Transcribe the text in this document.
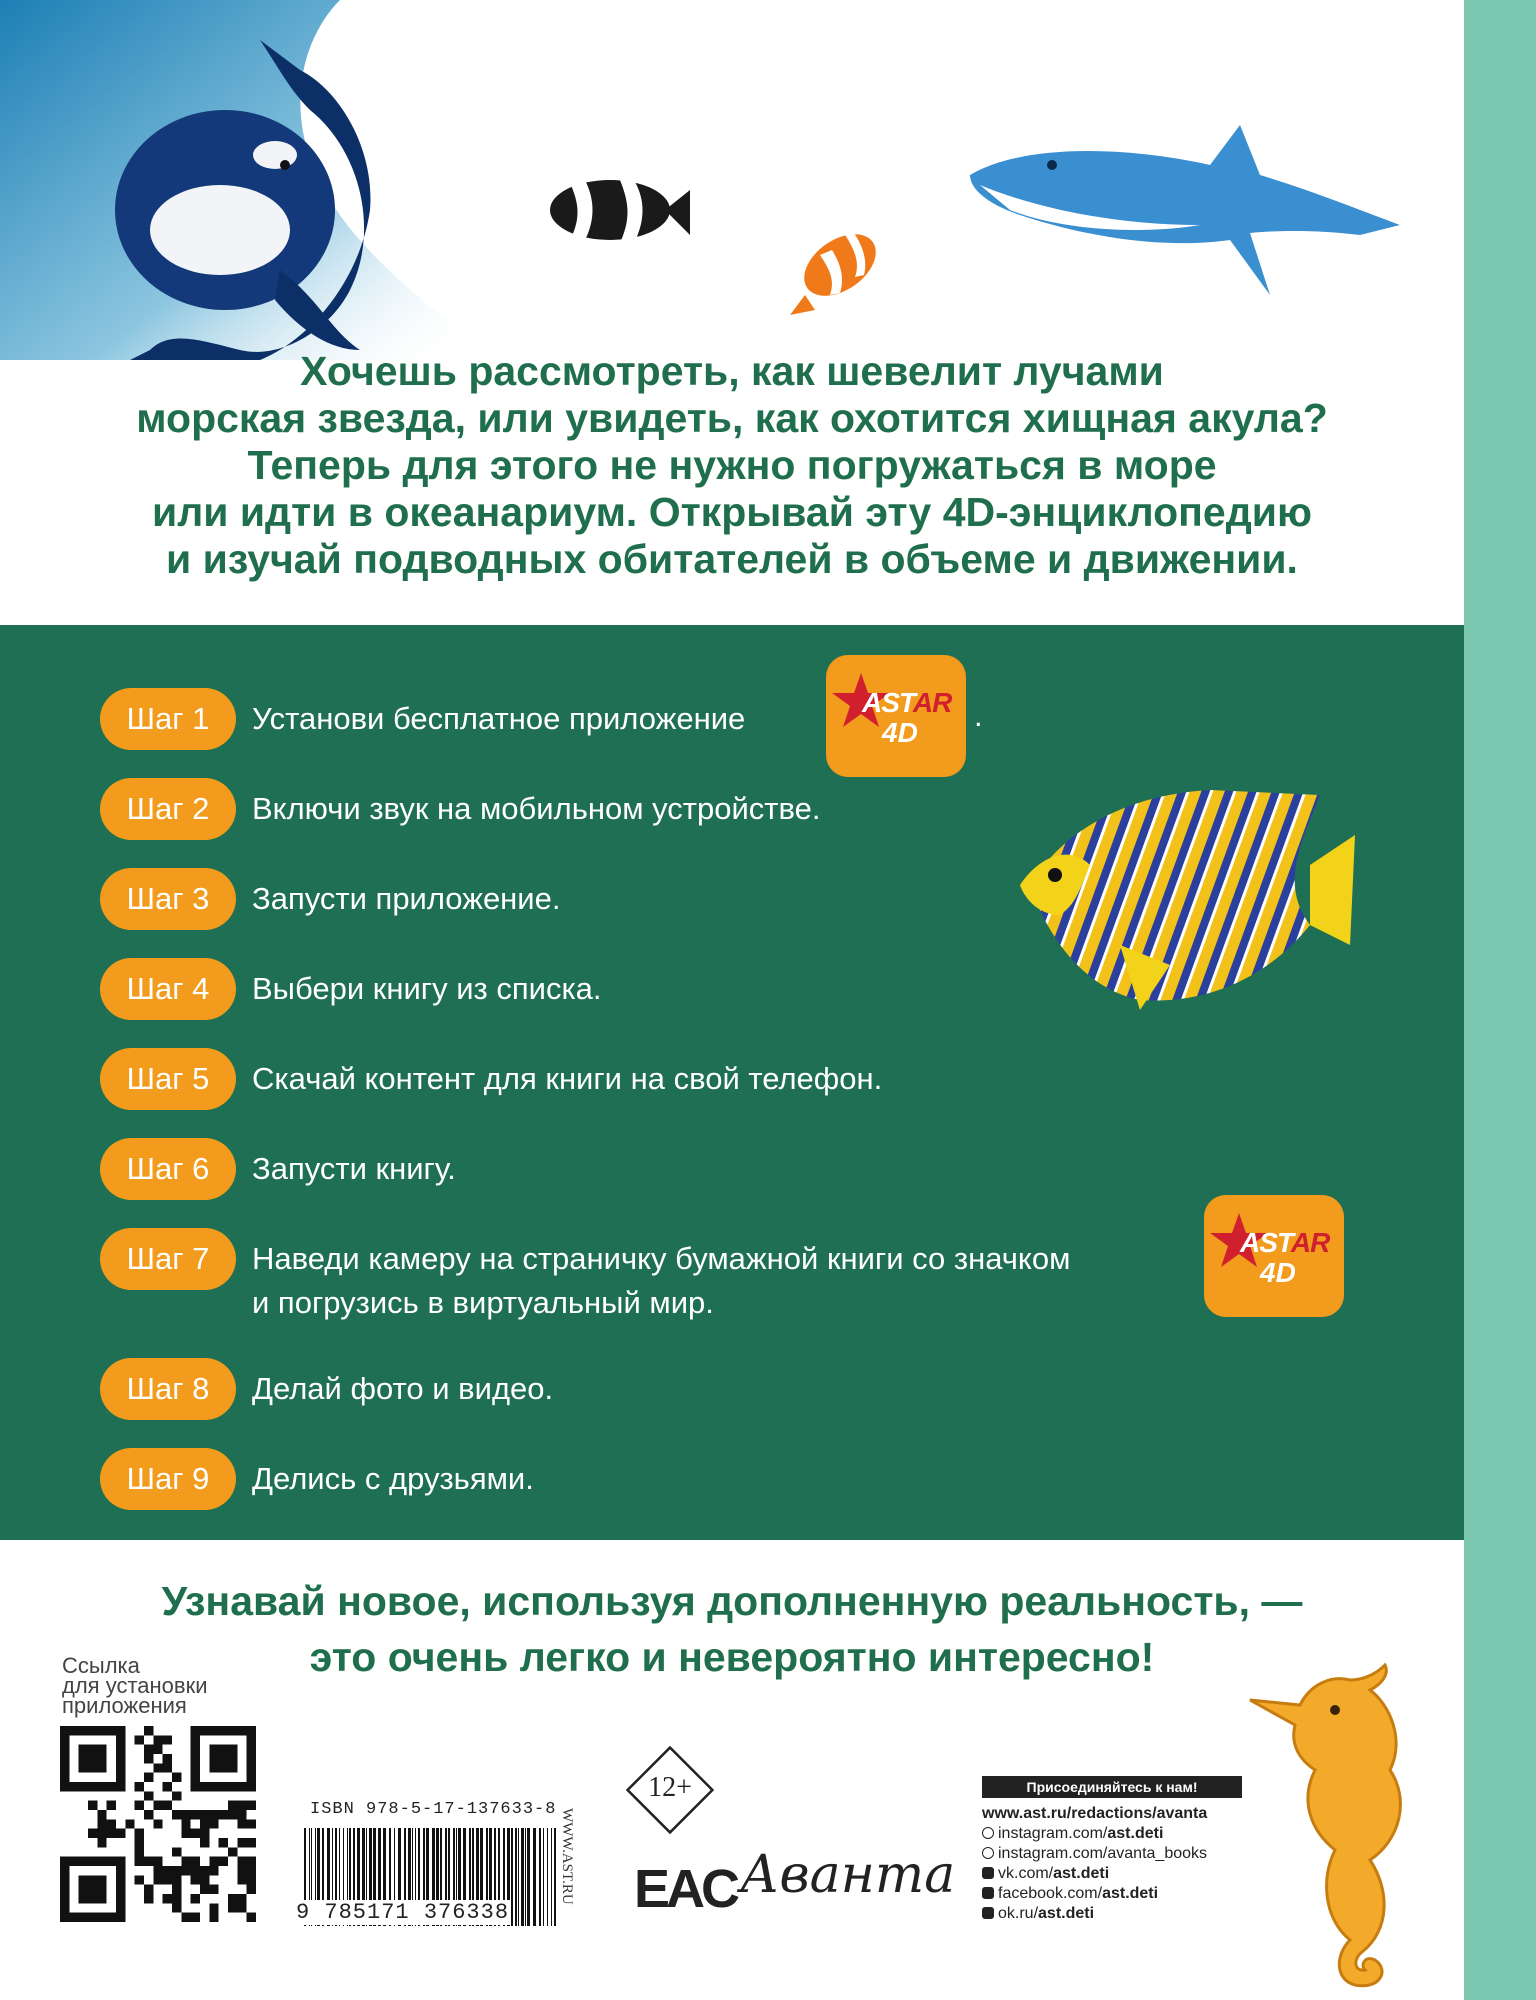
Хочешь рассмотреть, как шевелит лучами
морская звезда, или увидеть, как охотится хищная акула?
Теперь для этого не нужно погружаться в море
или идти в океанариум. Открывай эту 4D-энциклопедию
и изучай подводных обитателей в объеме и движении.
Шаг 1	Установи бесплатное приложение	ASTAR
4D .
Шаг 2	Включи звук на мобильном устройстве.
Шаг 3	Запусти приложение.
Шаг 4	Выбери книгу из списка.
Шаг 5	Скачай контент для книги на свой телефон.
Шаг 6	Запусти книгу.
Шаг 7	Наведи камеру на страничку бумажной книги со значком
и погрузись в виртуальный мир.
ASTAR
4D
Шаг 8	Делай фото и видео.
Шаг 9	Делись с друзьями.
Узнавай новое, используя дополненную реальность, —
это очень легко и невероятно интересно!
Ссылка
для установки
приложения
ISBN 978-5-17-137633-8
9 785171 376338
WWW.AST.RU
12+
EAC Аванта
Присоединяйтесь к нам!
www.ast.ru/redactions/avanta
instagram.com/ast.deti
instagram.com/avanta_books
vk.com/ast.deti
facebook.com/ast.deti
ok.ru/ast.deti
